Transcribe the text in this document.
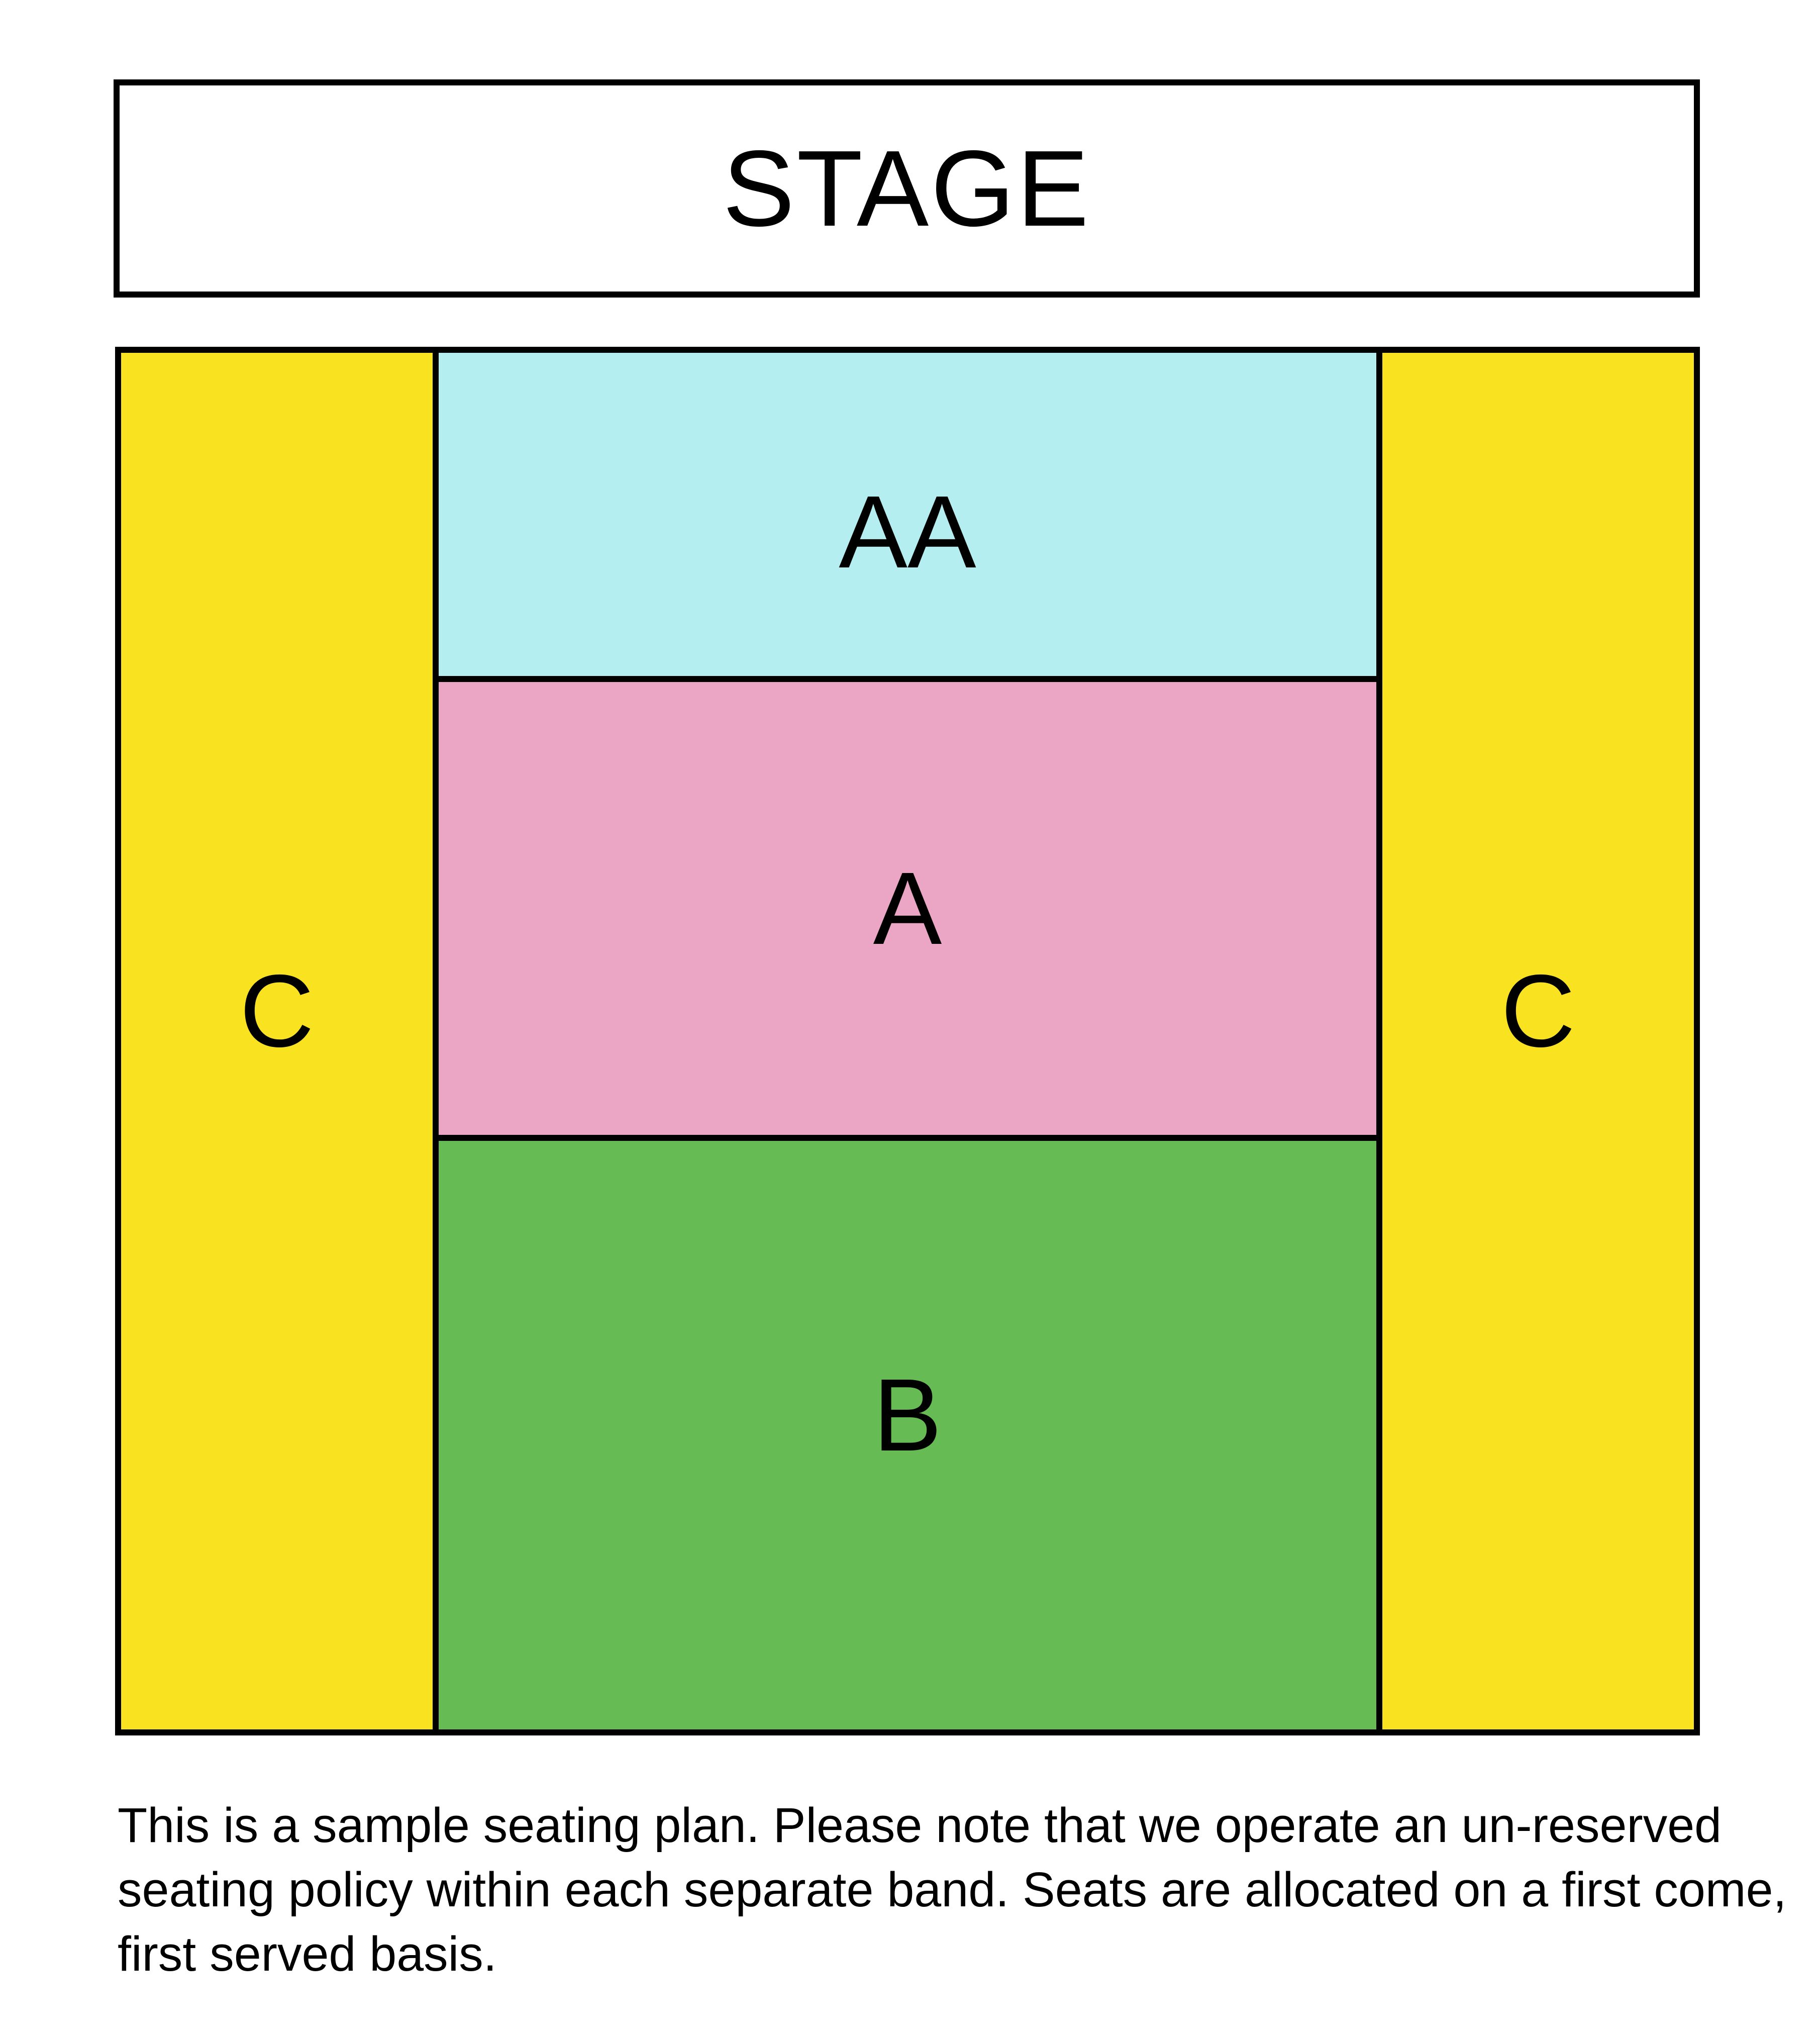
STAGE
C
AA
A
B
C
This is a sample seating plan. Please note that we operate an un-reserved seating policy within each separate band. Seats are allocated on a first come, first served basis.
